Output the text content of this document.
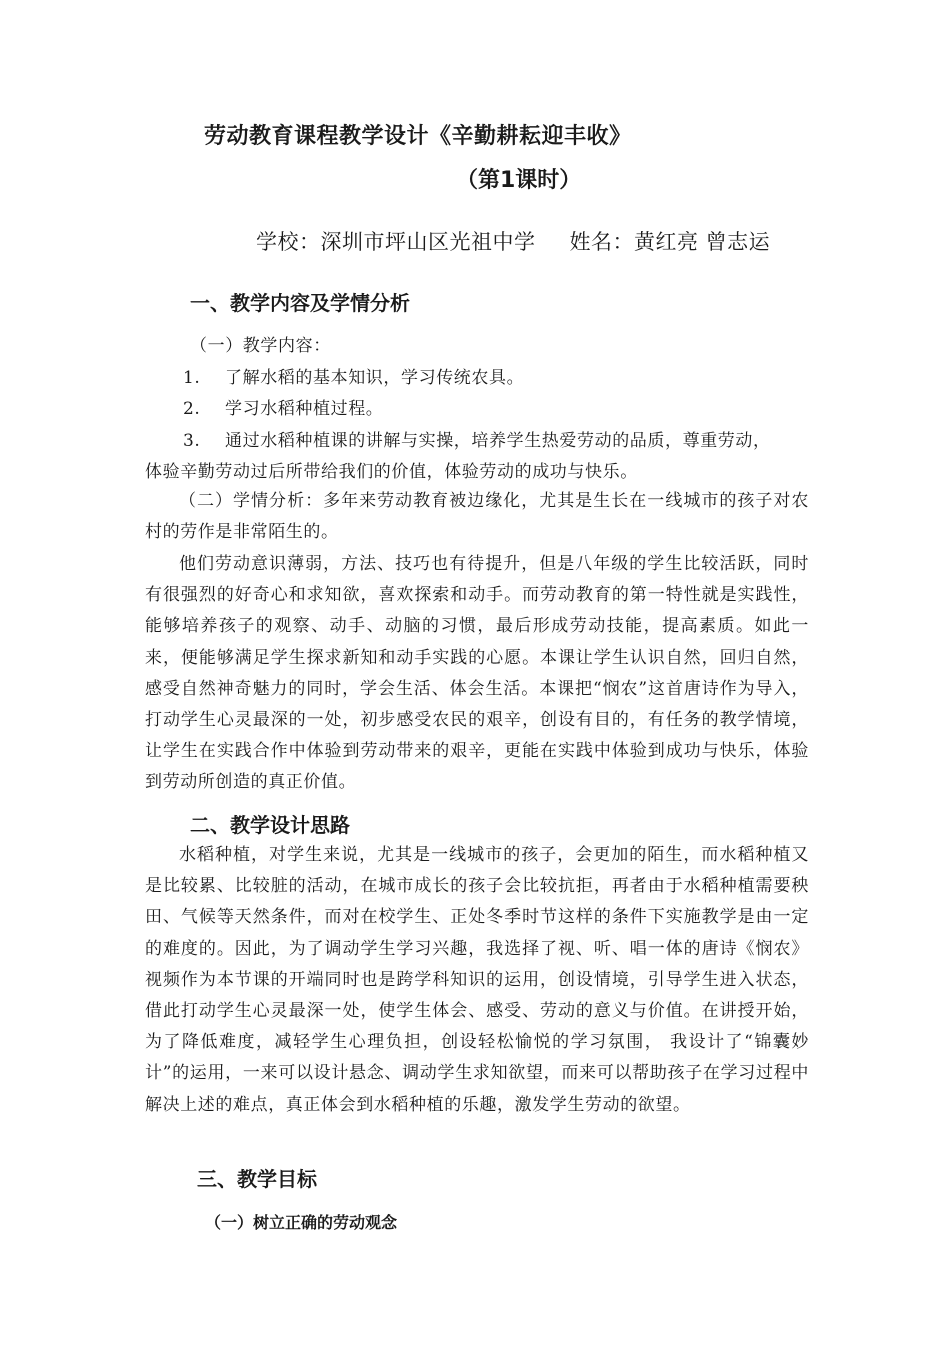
劳动教育课程教学设计《辛勤耕耘迎丰收》
（第1课时）
学校：深圳市坪山区光祖中学 姓名：黄红亮 曾志运
一、教学内容及学情分析
（一）教学内容：
1. 了解水稻的基本知识，学习传统农具。
2. 学习水稻种植过程。
3. 通过水稻种植课的讲解与实操，培养学生热爱劳动的品质，尊重劳动，
体验辛勤劳动过后所带给我们的价值，体验劳动的成功与快乐。

（二）学情分析：多年来劳动教育被边缘化，尤其是生长在一线城市的孩子对农村的劳作是非常陌生的。

他们劳动意识薄弱，方法、技巧也有待提升，但是八年级的学生比较活跃，同时有很强烈的好奇心和求知欲，喜欢探索和动手。而劳动教育的第一特性就是实践性，能够培养孩子的观察、动手、动脑的习惯，最后形成劳动技能，提高素质。如此一来，便能够满足学生探求新知和动手实践的心愿。本课让学生认识自然，回归自然，感受自然神奇魅力的同时，学会生活、体会生活。本课把“悯农”这首唐诗作为导入，打动学生心灵最深的一处，初步感受农民的艰辛，创设有目的，有任务的教学情境，让学生在实践合作中体验到劳动带来的艰辛，更能在实践中体验到成功与快乐，体验到劳动所创造的真正价值。

二、教学设计思路

水稻种植，对学生来说，尤其是一线城市的孩子，会更加的陌生，而水稻种植又是比较累、比较脏的活动，在城市成长的孩子会比较抗拒，再者由于水稻种植需要秧田、气候等天然条件，而对在校学生、正处冬季时节这样的条件下实施教学是由一定的难度的。因此，为了调动学生学习兴趣，我选择了视、听、唱一体的唐诗《悯农》视频作为本节课的开端同时也是跨学科知识的运用，创设情境，引导学生进入状态，借此打动学生心灵最深一处，使学生体会、感受、劳动的意义与价值。在讲授开始，为了降低难度，减轻学生心理负担，创设轻松愉悦的学习氛围， 我设计了“锦囊妙计”的运用，一来可以设计悬念、调动学生求知欲望，而来可以帮助孩子在学习过程中解决上述的难点，真正体会到水稻种植的乐趣，激发学生劳动的欲望。

三、教学目标
（一）树立正确的劳动观念
